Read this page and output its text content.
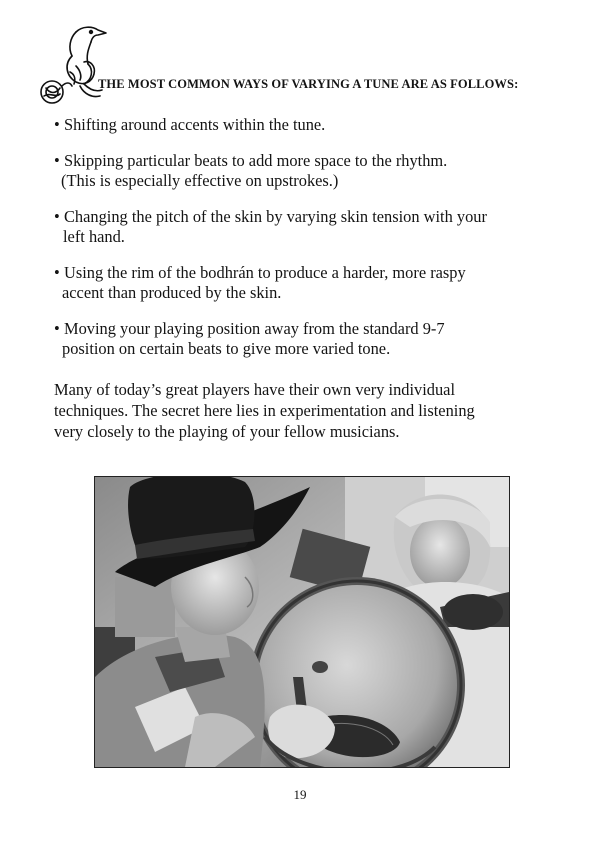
THE MOST COMMON WAYS OF VARYING A TUNE ARE AS FOLLOWS:
• Shifting around accents within the tune.
• Skipping particular beats to add more space to the rhythm.
(This is especially effective on upstrokes.)
• Changing the pitch of the skin by varying skin tension with your
left hand.
• Using the rim of the bodhrán to produce a harder, more raspy
accent than produced by the skin.
• Moving your playing position away from the standard 9-7
position on certain beats to give more varied tone.
Many of today’s great players have their own very individual
techniques. The secret here lies in experimentation and listening
very closely to the playing of your fellow musicians.
19
